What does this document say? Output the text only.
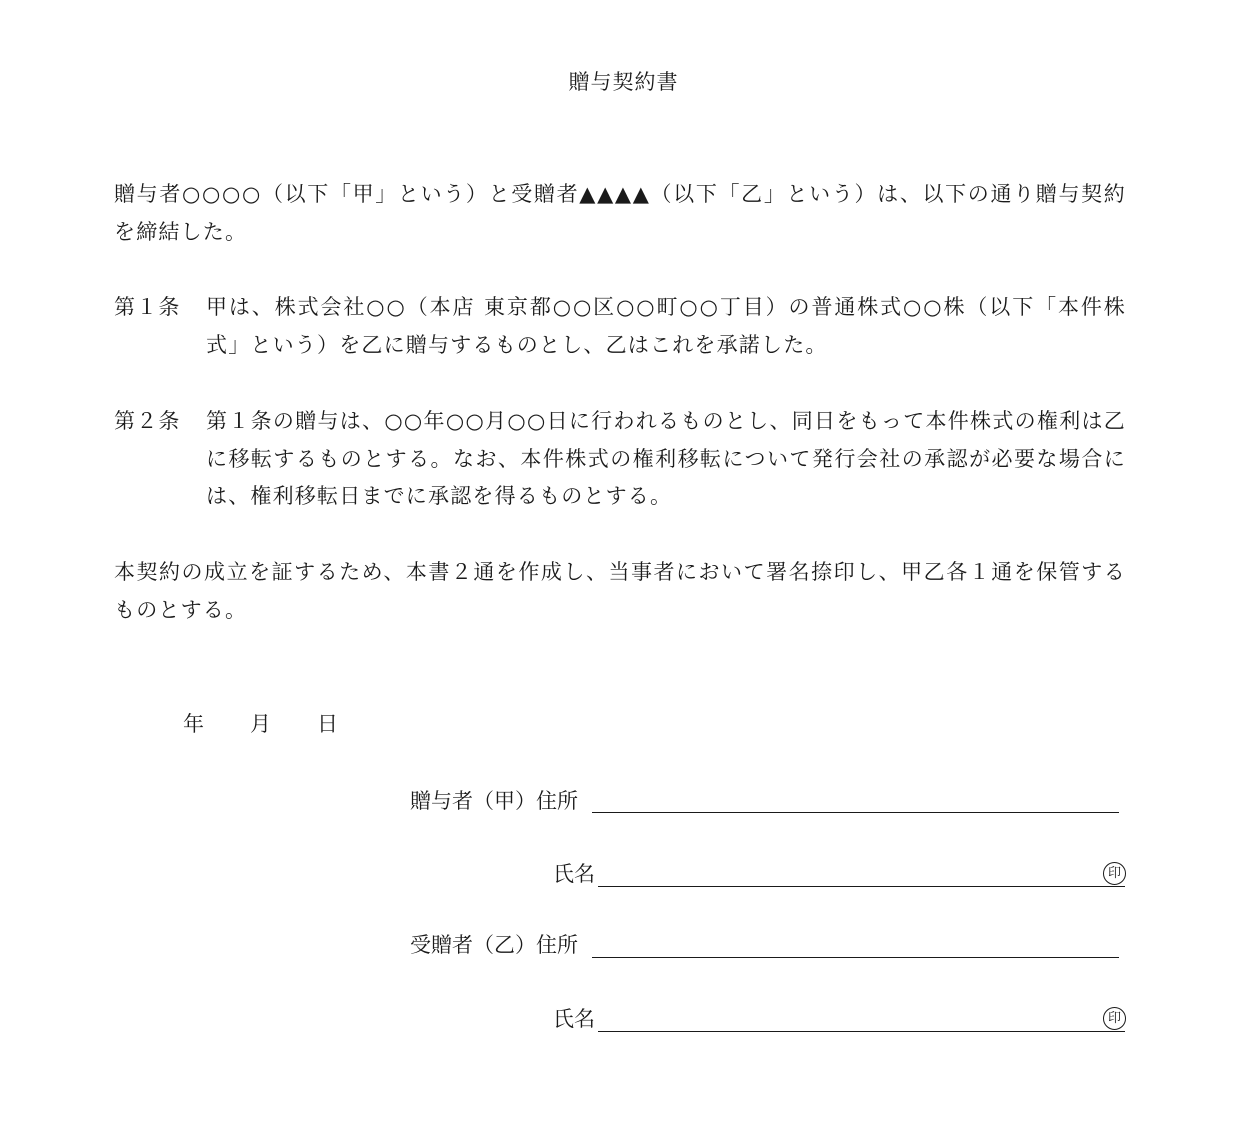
贈与契約書
贈与者○○○○（以下「甲」という）と受贈者▲▲▲▲（以下「乙」という）は、以下の通り贈与契約を締結した。
第１条	甲は、株式会社○○（本店 東京都○○区○○町○○丁目）の普通株式○○株（以下「本件株式」という）を乙に贈与するものとし、乙はこれを承諾した。
第２条	第１条の贈与は、○○年○○月○○日に行われるものとし、同日をもって本件株式の権利は乙に移転するものとする。なお、本件株式の権利移転について発行会社の承認が必要な場合には、権利移転日までに承認を得るものとする。
本契約の成立を証するため、本書２通を作成し、当事者において署名捺印し、甲乙各１通を保管するものとする。
年 月 日
贈与者（甲）住所
氏名	印
受贈者（乙）住所
氏名	印
